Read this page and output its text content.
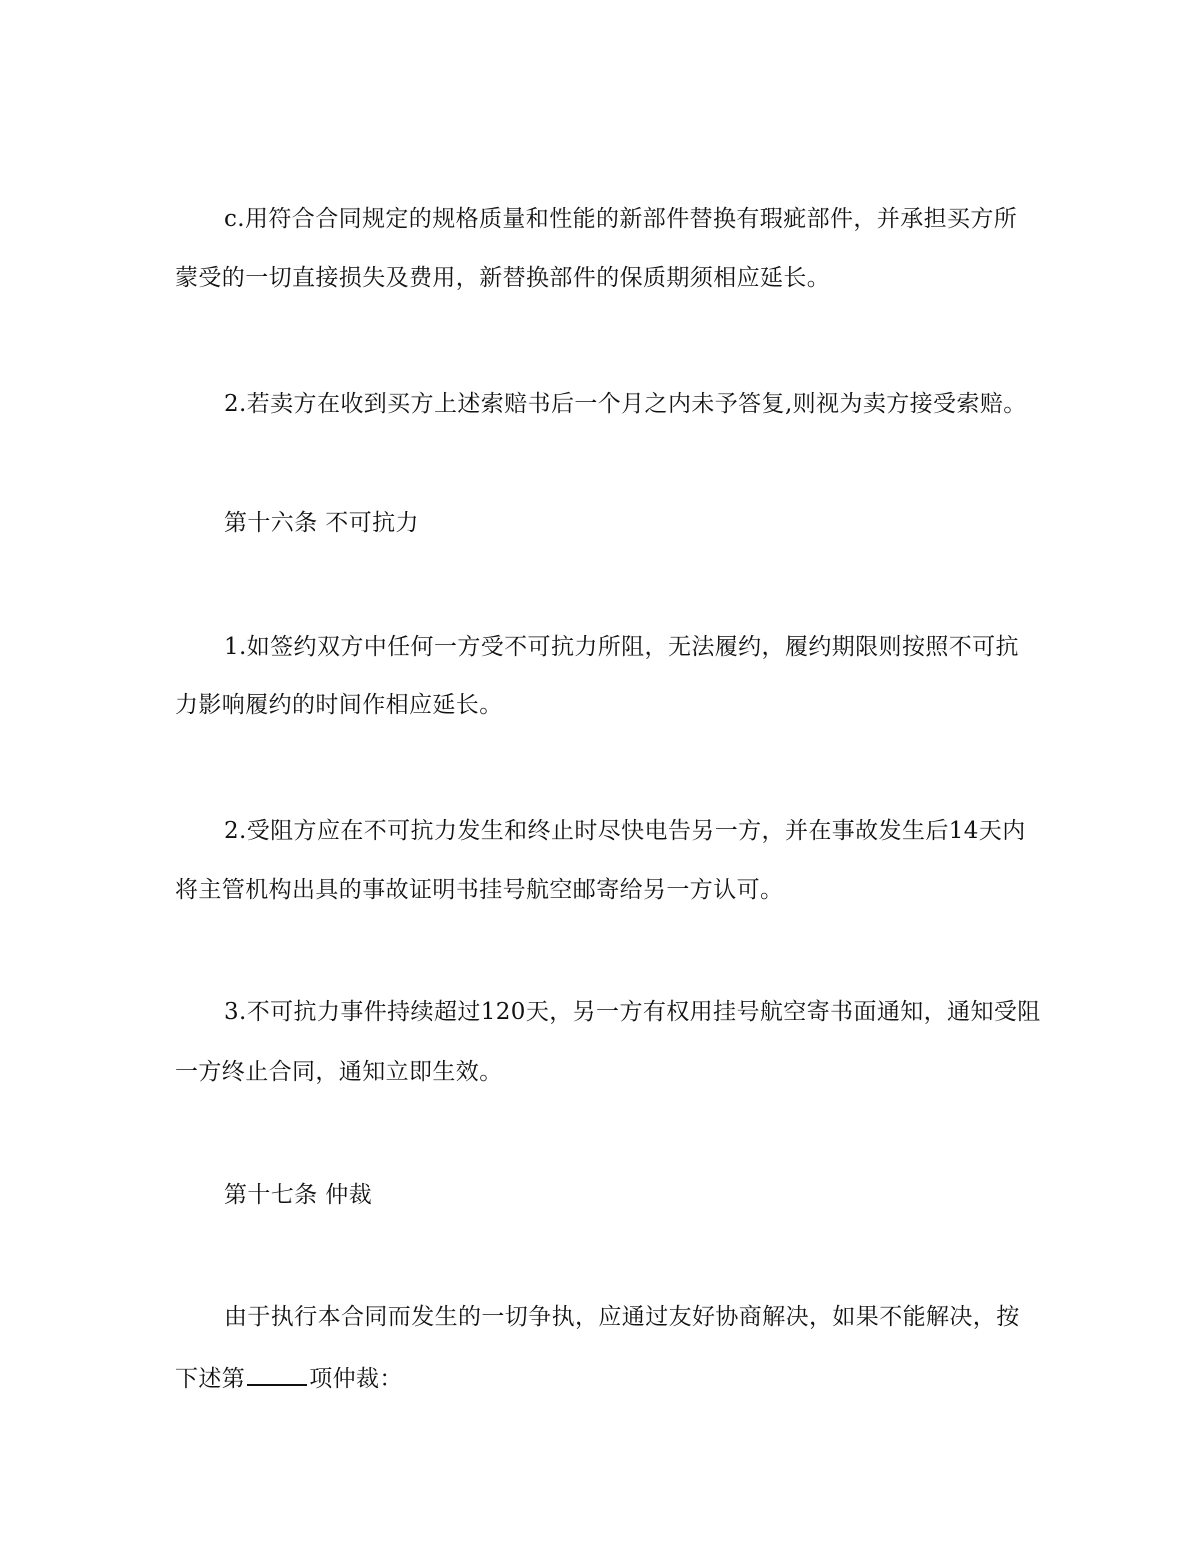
c.用符合合同规定的规格质量和性能的新部件替换有瑕疵部件，并承担买方所
蒙受的一切直接损失及费用，新替换部件的保质期须相应延长。
2.若卖方在收到买方上述索赔书后一个月之内未予答复,则视为卖方接受索赔。
第十六条 不可抗力
1.如签约双方中任何一方受不可抗力所阻，无法履约，履约期限则按照不可抗
力影响履约的时间作相应延长。
2.受阻方应在不可抗力发生和终止时尽快电告另一方，并在事故发生后14天内
将主管机构出具的事故证明书挂号航空邮寄给另一方认可。
3.不可抗力事件持续超过120天，另一方有权用挂号航空寄书面通知，通知受阻
一方终止合同，通知立即生效。
第十七条 仲裁
由于执行本合同而发生的一切争执，应通过友好协商解决，如果不能解决，按
下述第	项仲裁：
